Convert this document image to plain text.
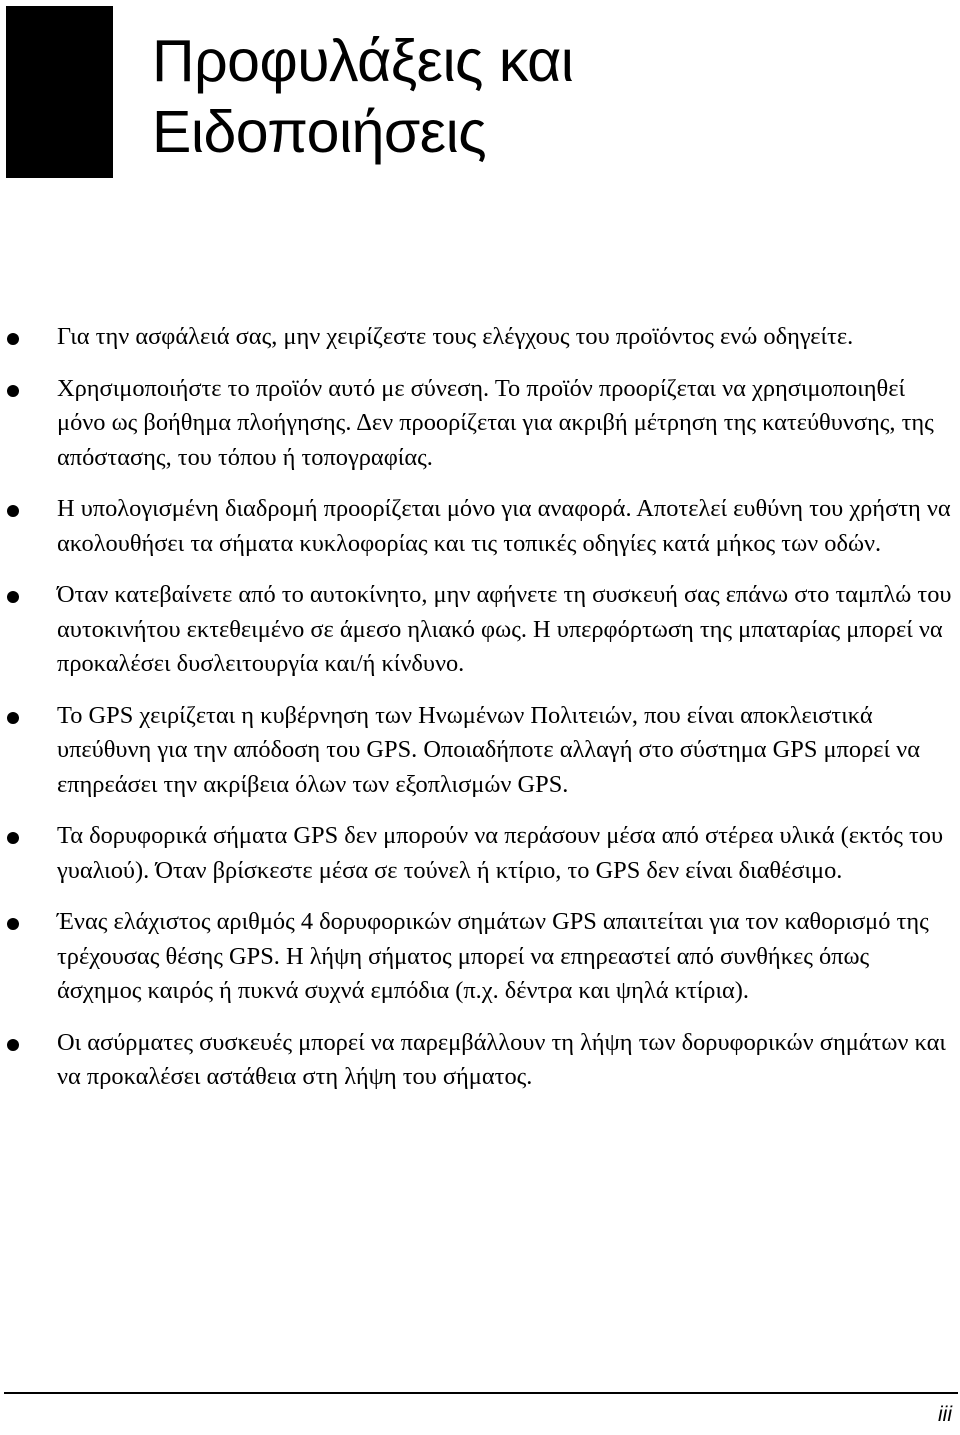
Προφυλάξεις και
Ειδοποιήσεις
Για την ασφάλειά σας, μην χειρίζεστε τους ελέγχους του προϊόντος ενώ οδηγείτε.
Χρησιμοποιήστε το προϊόν αυτό με σύνεση. Το προϊόν προορίζεται να χρησιμοποιηθεί μόνο ως βοήθημα πλοήγησης. Δεν προορίζεται για ακριβή μέτρηση της κατεύθυνσης, της απόστασης, του τόπου ή τοπογραφίας.
Η υπολογισμένη διαδρομή προορίζεται μόνο για αναφορά. Αποτελεί ευθύνη του χρήστη να ακολουθήσει τα σήματα κυκλοφορίας και τις τοπικές οδηγίες κατά μήκος των οδών.
Όταν κατεβαίνετε από το αυτοκίνητο, μην αφήνετε τη συσκευή σας επάνω στο ταμπλώ του αυτοκινήτου εκτεθειμένο σε άμεσο ηλιακό φως. Η υπερφόρτωση της μπαταρίας μπορεί να προκαλέσει δυσλειτουργία και/ή κίνδυνο.
Το GPS χειρίζεται η κυβέρνηση των Ηνωμένων Πολιτειών, που είναι αποκλειστικά υπεύθυνη για την απόδοση του GPS. Οποιαδήποτε αλλαγή στο σύστημα GPS μπορεί να επηρεάσει την ακρίβεια όλων των εξοπλισμών GPS.
Τα δορυφορικά σήματα GPS δεν μπορούν να περάσουν μέσα από στέρεα υλικά (εκτός του γυαλιού). Όταν βρίσκεστε μέσα σε τούνελ ή κτίριο, το GPS δεν είναι διαθέσιμο.
Ένας ελάχιστος αριθμός 4 δορυφορικών σημάτων GPS απαιτείται για τον καθορισμό της τρέχουσας θέσης GPS. Η λήψη σήματος μπορεί να επηρεαστεί από συνθήκες όπως άσχημος καιρός ή πυκνά συχνά εμπόδια (π.χ. δέντρα και ψηλά κτίρια).
Οι ασύρματες συσκευές μπορεί να παρεμβάλλουν τη λήψη των δορυφορικών σημάτων και να προκαλέσει αστάθεια στη λήψη του σήματος.
iii
